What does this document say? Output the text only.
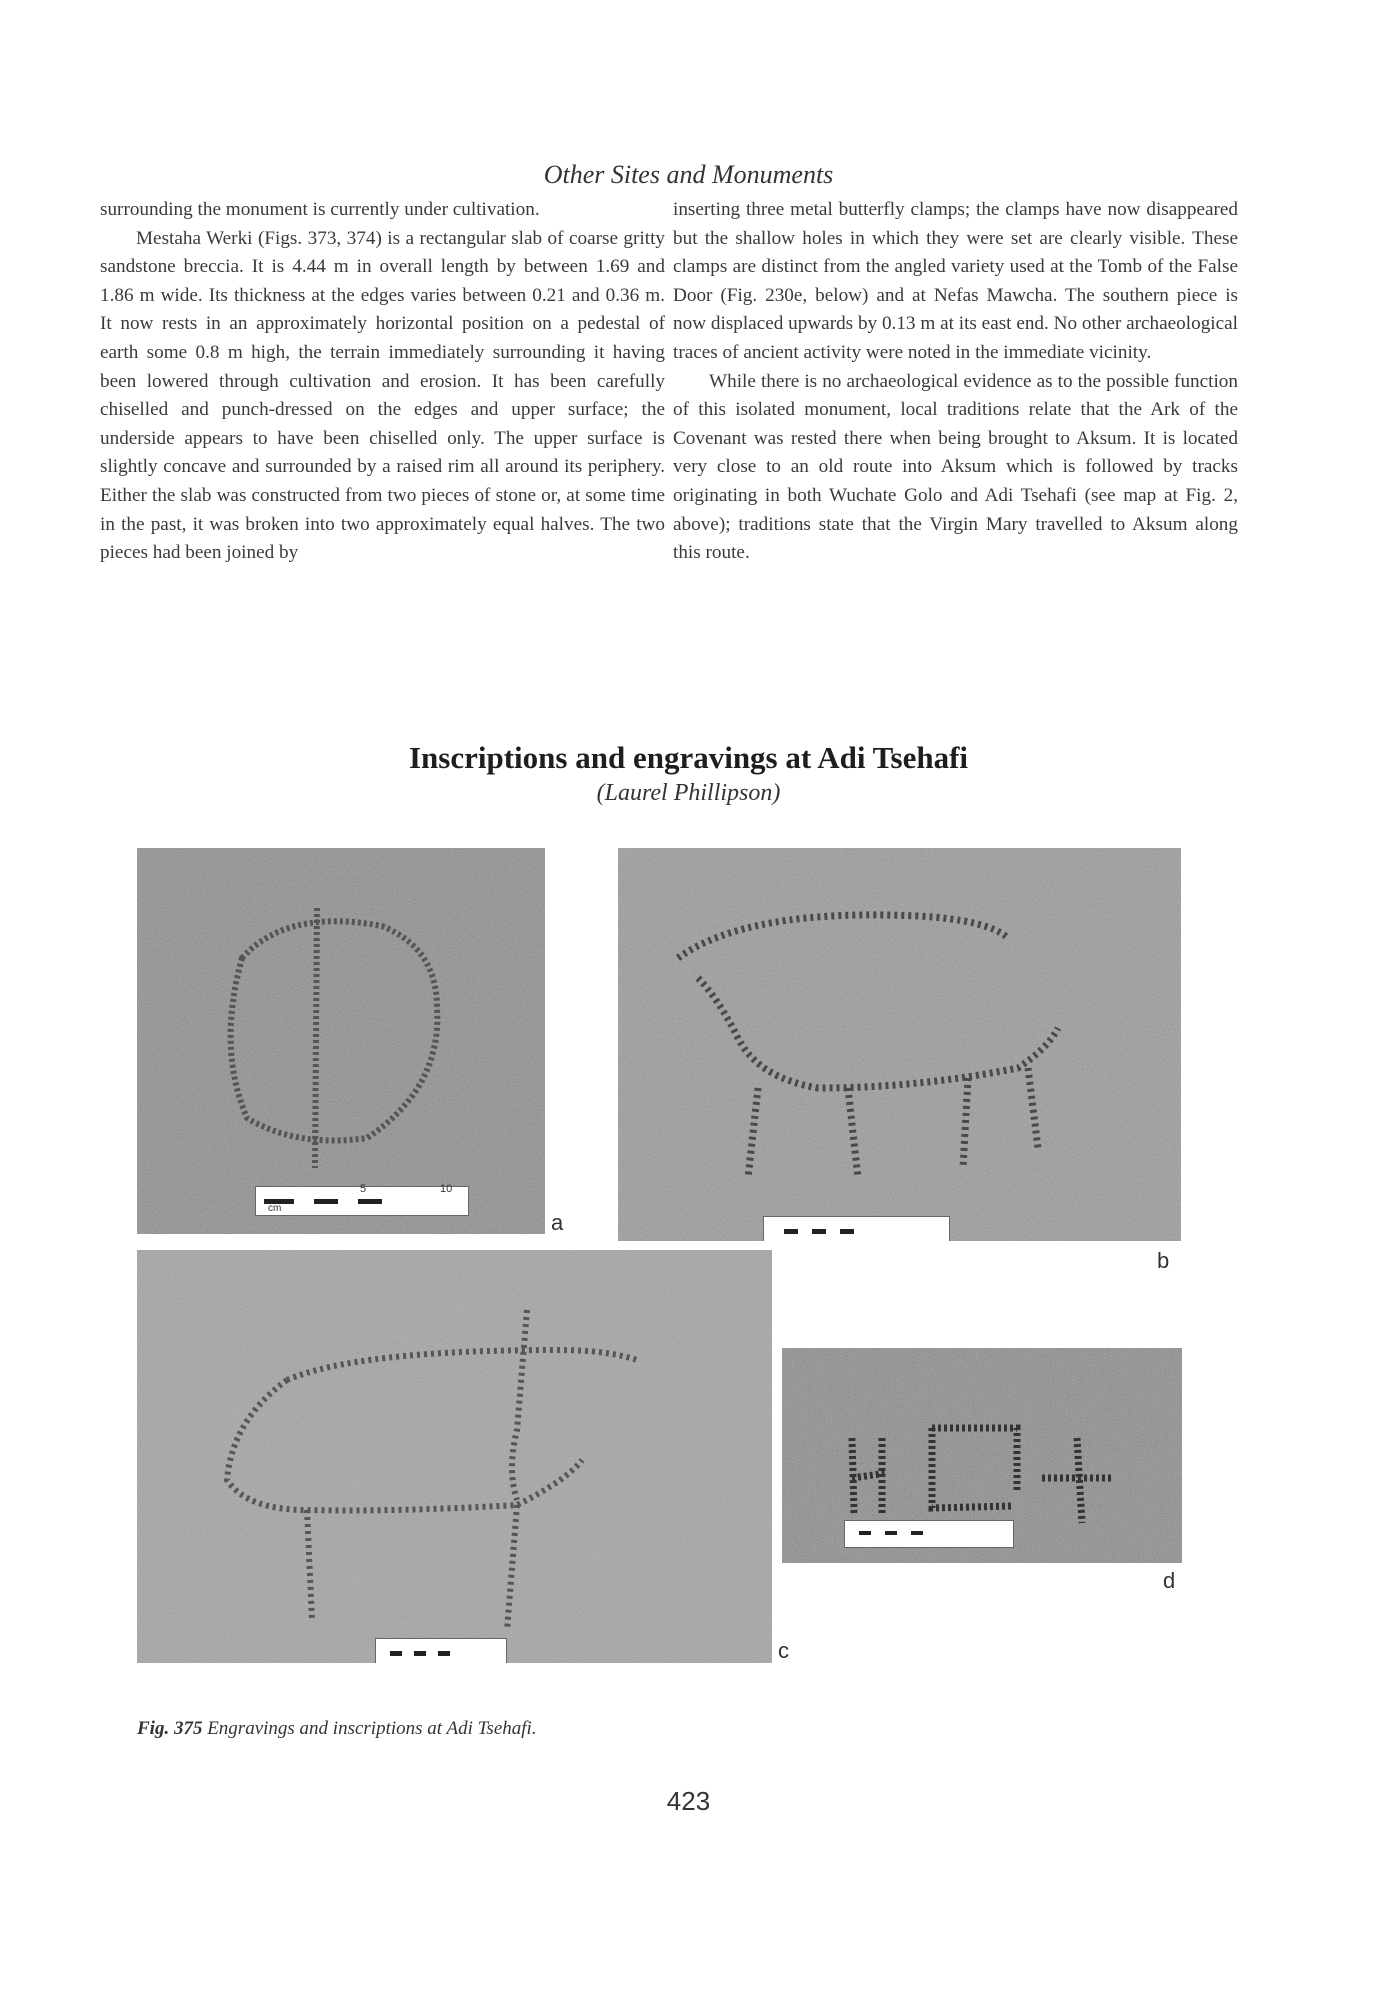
Other Sites and Monuments

surrounding the monument is currently under cultivation.

Mestaha Werki (Figs. 373, 374) is a rectangular slab of coarse gritty sandstone breccia. It is 4.44 m in overall length by between 1.69 and 1.86 m wide. Its thickness at the edges varies between 0.21 and 0.36 m. It now rests in an approximately horizontal position on a pedestal of earth some 0.8 m high, the terrain immediately surrounding it having been lowered through cultivation and erosion. It has been carefully chiselled and punch-dressed on the edges and upper surface; the underside appears to have been chiselled only. The upper surface is slightly concave and surrounded by a raised rim all around its periphery. Either the slab was constructed from two pieces of stone or, at some time in the past, it was broken into two approximately equal halves. The two pieces had been joined by

inserting three metal butterfly clamps; the clamps have now disappeared but the shallow holes in which they were set are clearly visible. These clamps are distinct from the angled variety used at the Tomb of the False Door (Fig. 230e, below) and at Nefas Mawcha. The southern piece is now displaced upwards by 0.13 m at its east end. No other archaeological traces of ancient activity were noted in the immediate vicinity.

While there is no archaeological evidence as to the possible function of this isolated monument, local traditions relate that the Ark of the Covenant was rested there when being brought to Aksum. It is located very close to an old route into Aksum which is followed by tracks originating in both Wuchate Golo and Adi Tsehafi (see map at Fig. 2, above); traditions state that the Virgin Mary travelled to Aksum along this route.

Inscriptions and engravings at Adi Tsehafi
(Laurel Phillipson)
5	10
cm
a
b
c
d
Fig. 375 Engravings and inscriptions at Adi Tsehafi.
423
